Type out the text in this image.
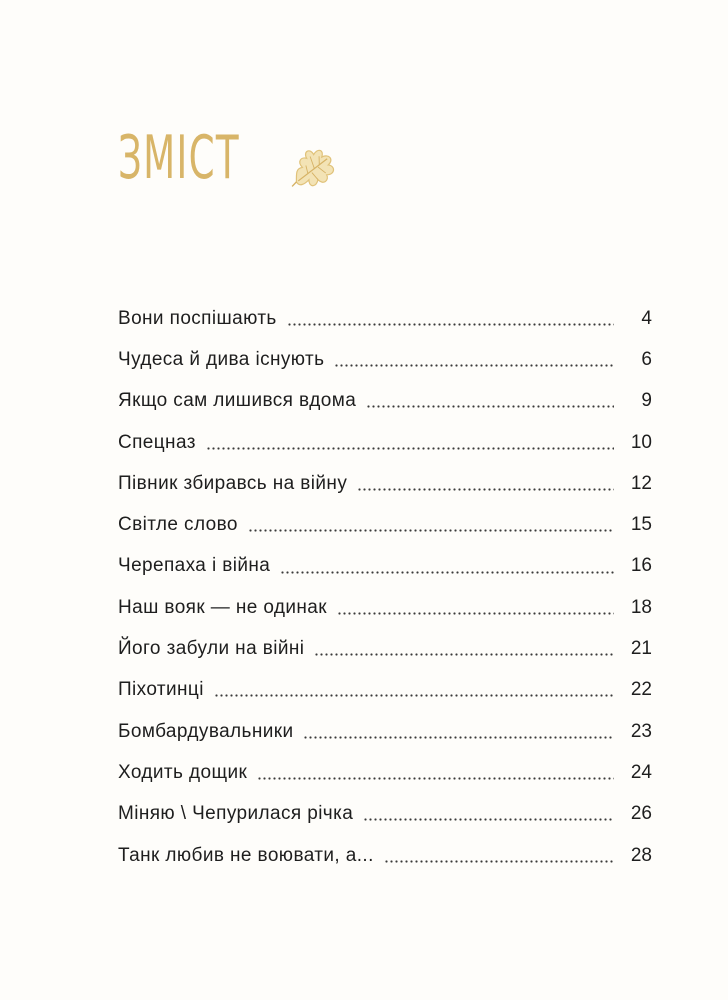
ЗМІСТ
Вони поспішають	4
Чудеса й дива існують	6
Якщо сам лишився вдома	9
Спецназ	10
Півник збиравсь на війну	12
Світле слово	15
Черепаха і війна	16
Наш вояк — не одинак	18
Його забули на війні	21
Піхотинці	22
Бомбардувальники	23
Ходить дощик	24
Міняю \ Чепурилася річка	26
Танк любив не воювати, а...	28
